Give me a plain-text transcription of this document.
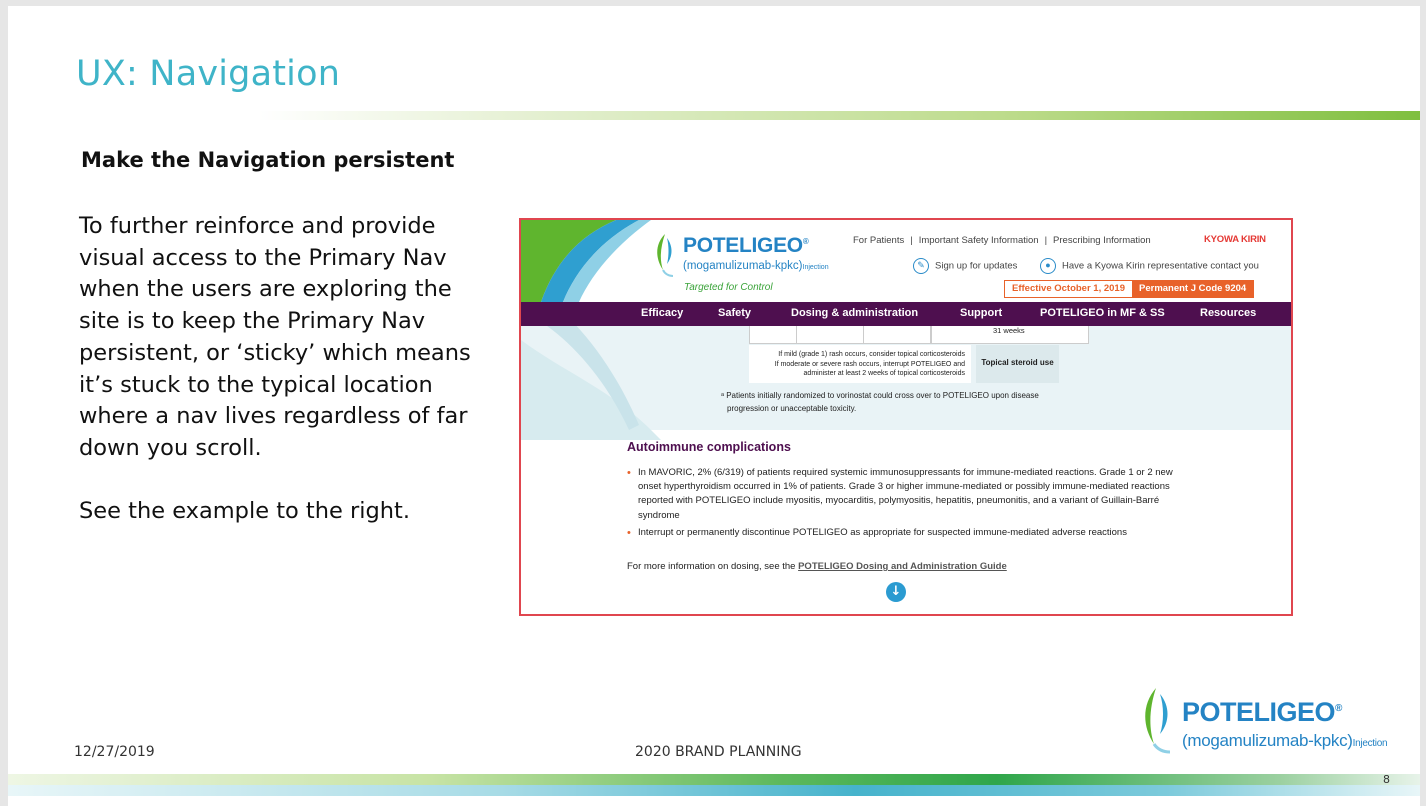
UX: Navigation
Make the Navigation persistent

To further reinforce and provide visual access to the Primary Nav when the users are exploring the site is to keep the Primary Nav persistent, or ‘sticky’ which means it’s stuck to the typical location where a nav lives regardless of far down you scroll.

See the example to the right.

POTELIGEO®
(mogamulizumab-kpkc)Injection
Targeted for Control
For Patients | Important Safety Information | Prescribing Information	KYOWA KIRIN
✎ Sign up for updates	● Have a Kyowa Kirin representative contact you
Effective October 1, 2019	Permanent J Code 9204
Efficacy	Safety	Dosing & administration	Support	POTELIGEO in MF & SS	Resources
31 weeks
If mild (grade 1) rash occurs, consider topical corticosteroids
If moderate or severe rash occurs, interrupt POTELIGEO and
administer at least 2 weeks of topical corticosteroids
Topical steroid use
ᵃ Patients initially randomized to vorinostat could cross over to POTELIGEO upon disease
progression or unacceptable toxicity.
Autoimmune complications
• In MAVORIC, 2% (6/319) of patients required systemic immunosuppressants for immune-mediated reactions. Grade 1 or 2 new onset hyperthyroidism occurred in 1% of patients. Grade 3 or higher immune-mediated or possibly immune-mediated reactions reported with POTELIGEO include myositis, myocarditis, polymyositis, hepatitis, pneumonitis, and a variant of Guillain-Barré syndrome
• Interrupt or permanently discontinue POTELIGEO as appropriate for suspected immune-mediated adverse reactions
For more information on dosing, see the POTELIGEO Dosing and Administration Guide
↓
POTELIGEO®
(mogamulizumab-kpkc)Injection
12/27/2019	2020 BRAND PLANNING
8
